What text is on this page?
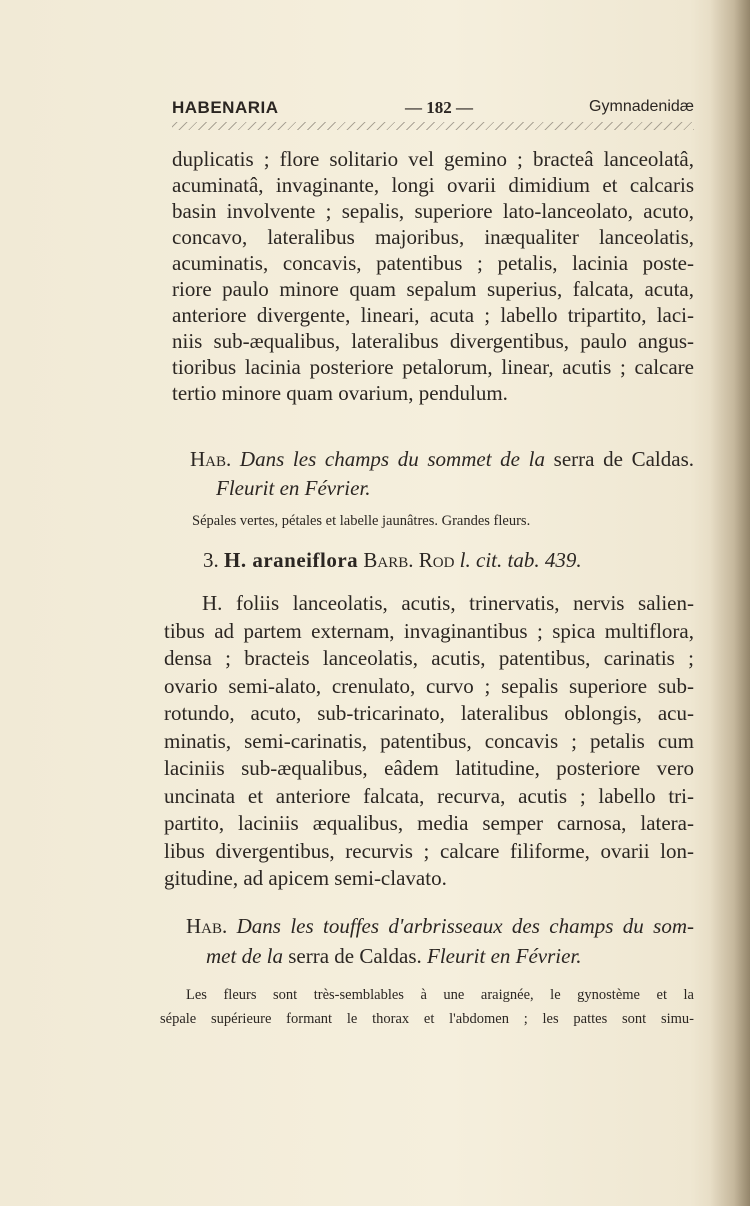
HABENARIA	— 182 —	Gymnadenidæ
duplicatis ; flore solitario vel gemino ; bracteâ lanceolatâ,
acuminatâ, invaginante, longi ovarii dimidium et calcaris
basin involvente ; sepalis, superiore lato-lanceolato, acuto,
concavo, lateralibus majoribus, inæqualiter lanceolatis,
acuminatis, concavis, patentibus ; petalis, lacinia poste-
riore paulo minore quam sepalum superius, falcata, acuta,
anteriore divergente, lineari, acuta ; labello tripartito, laci-
niis sub-æqualibus, lateralibus divergentibus, paulo angus-
tioribus lacinia posteriore petalorum, linear, acutis ; calcare
tertio minore quam ovarium, pendulum.
Hab. Dans les champs du sommet de la serra de Caldas.
Fleurit en Février.
Sépales vertes, pétales et labelle jaunâtres. Grandes fleurs.
3. H. araneiflora Barb. Rod l. cit. tab. 439.
H. foliis lanceolatis, acutis, trinervatis, nervis salien-
tibus ad partem externam, invaginantibus ; spica multiflora,
densa ; bracteis lanceolatis, acutis, patentibus, carinatis ;
ovario semi-alato, crenulato, curvo ; sepalis superiore sub-
rotundo, acuto, sub-tricarinato, lateralibus oblongis, acu-
minatis, semi-carinatis, patentibus, concavis ; petalis cum
laciniis sub-æqualibus, eâdem latitudine, posteriore vero
uncinata et anteriore falcata, recurva, acutis ; labello tri-
partito, laciniis æqualibus, media semper carnosa, latera-
libus divergentibus, recurvis ; calcare filiforme, ovarii lon-
gitudine, ad apicem semi-clavato.
Hab. Dans les touffes d'arbrisseaux des champs du som-
met de la serra de Caldas. Fleurit en Février.
Les fleurs sont très-semblables à une araignée, le gynostème et la
sépale supérieure formant le thorax et l'abdomen ; les pattes sont simu-
